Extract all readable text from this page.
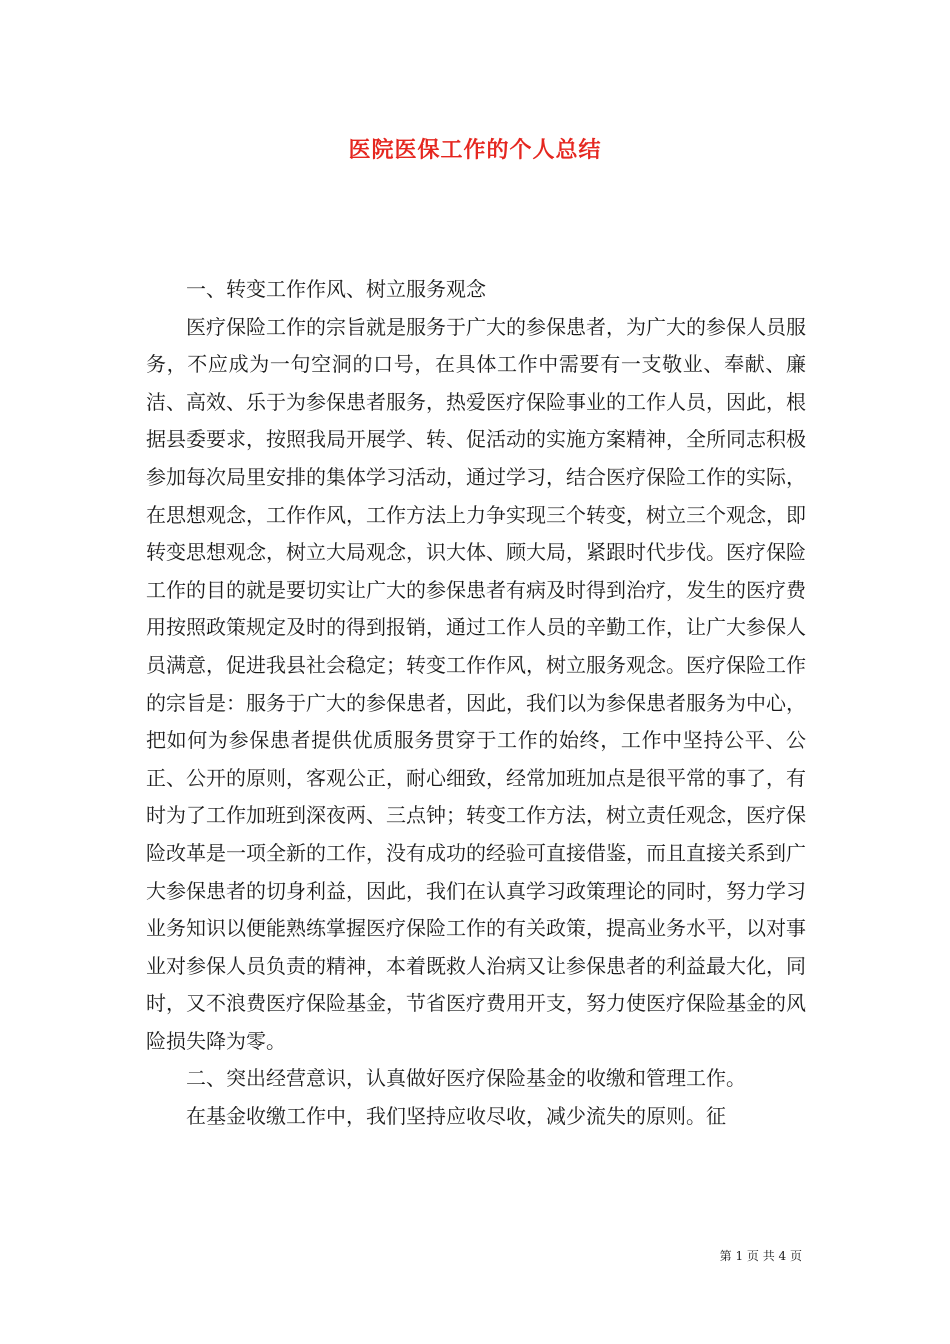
医院医保工作的个人总结

一、转变工作作风、树立服务观念

医疗保险工作的宗旨就是服务于广大的参保患者，为广大的参保人员服务，不应成为一句空洞的口号，在具体工作中需要有一支敬业、奉献、廉洁、高效、乐于为参保患者服务，热爱医疗保险事业的工作人员，因此，根据县委要求，按照我局开展学、转、促活动的实施方案精神，全所同志积极参加每次局里安排的集体学习活动，通过学习，结合医疗保险工作的实际，在思想观念，工作作风，工作方法上力争实现三个转变，树立三个观念，即转变思想观念，树立大局观念，识大体、顾大局，紧跟时代步伐。医疗保险工作的目的就是要切实让广大的参保患者有病及时得到治疗，发生的医疗费用按照政策规定及时的得到报销，通过工作人员的辛勤工作，让广大参保人员满意，促进我县社会稳定；转变工作作风，树立服务观念。医疗保险工作的宗旨是：服务于广大的参保患者，因此，我们以为参保患者服务为中心，把如何为参保患者提供优质服务贯穿于工作的始终，工作中坚持公平、公正、公开的原则，客观公正，耐心细致，经常加班加点是很平常的事了，有时为了工作加班到深夜两、三点钟；转变工作方法，树立责任观念，医疗保险改革是一项全新的工作，没有成功的经验可直接借鉴，而且直接关系到广大参保患者的切身利益，因此，我们在认真学习政策理论的同时，努力学习业务知识以便能熟练掌握医疗保险工作的有关政策，提高业务水平，以对事业对参保人员负责的精神，本着既救人治病又让参保患者的利益最大化，同时，又不浪费医疗保险基金，节省医疗费用开支，努力使医疗保险基金的风险损失降为零。

二、突出经营意识，认真做好医疗保险基金的收缴和管理工作。

在基金收缴工作中，我们坚持应收尽收，减少流失的原则。征

第 1 页 共 4 页
